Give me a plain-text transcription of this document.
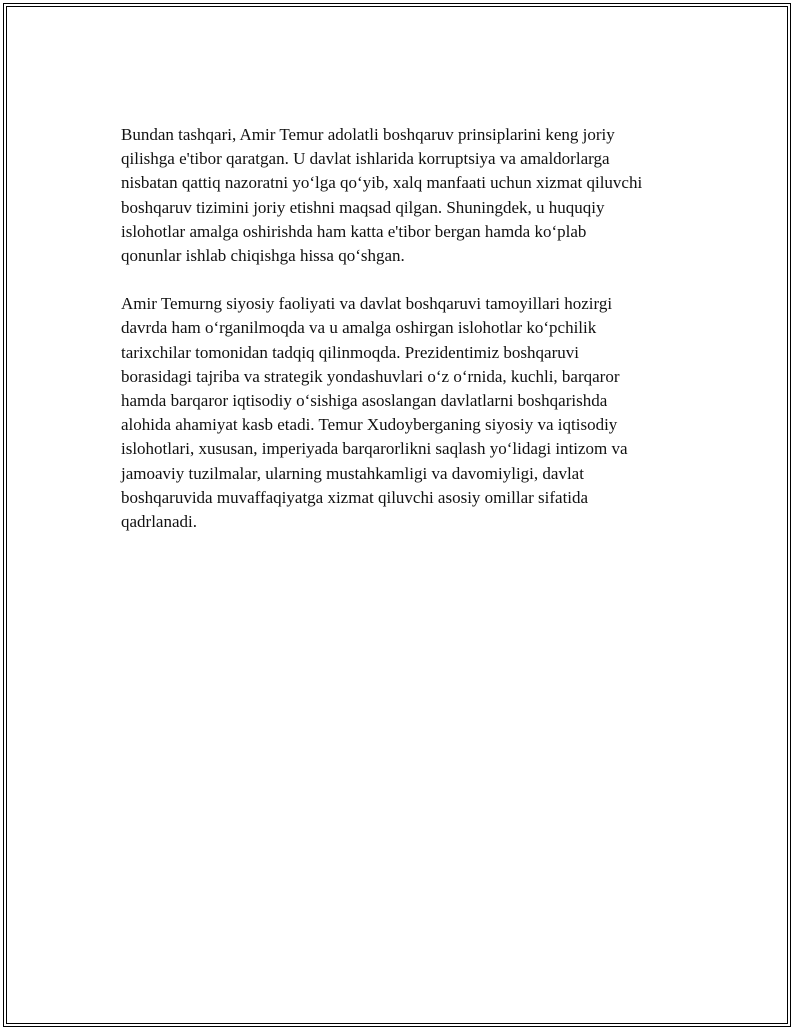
Bundan tashqari, Amir Temur adolatli boshqaruv prinsiplarini keng joriy
qilishga e'tibor qaratgan. U davlat ishlarida korruptsiya va amaldorlarga
nisbatan qattiq nazoratni yo‘lga qo‘yib, xalq manfaati uchun xizmat qiluvchi
boshqaruv tizimini joriy etishni maqsad qilgan. Shuningdek, u huquqiy
islohotlar amalga oshirishda ham katta e'tibor bergan hamda ko‘plab
qonunlar ishlab chiqishga hissa qo‘shgan.

Amir Temurng siyosiy faoliyati va davlat boshqaruvi tamoyillari hozirgi
davrda ham o‘rganilmoqda va u amalga oshirgan islohotlar ko‘pchilik
tarixchilar tomonidan tadqiq qilinmoqda. Prezidentimiz boshqaruvi
borasidagi tajriba va strategik yondashuvlari o‘z o‘rnida, kuchli, barqaror
hamda barqaror iqtisodiy o‘sishiga asoslangan davlatlarni boshqarishda
alohida ahamiyat kasb etadi. Temur Xudoyberganing siyosiy va iqtisodiy
islohotlari, xususan, imperiyada barqarorlikni saqlash yo‘lidagi intizom va
jamoaviy tuzilmalar, ularning mustahkamligi va davomiyligi, davlat
boshqaruvida muvaffaqiyatga xizmat qiluvchi asosiy omillar sifatida
qadrlanadi.
